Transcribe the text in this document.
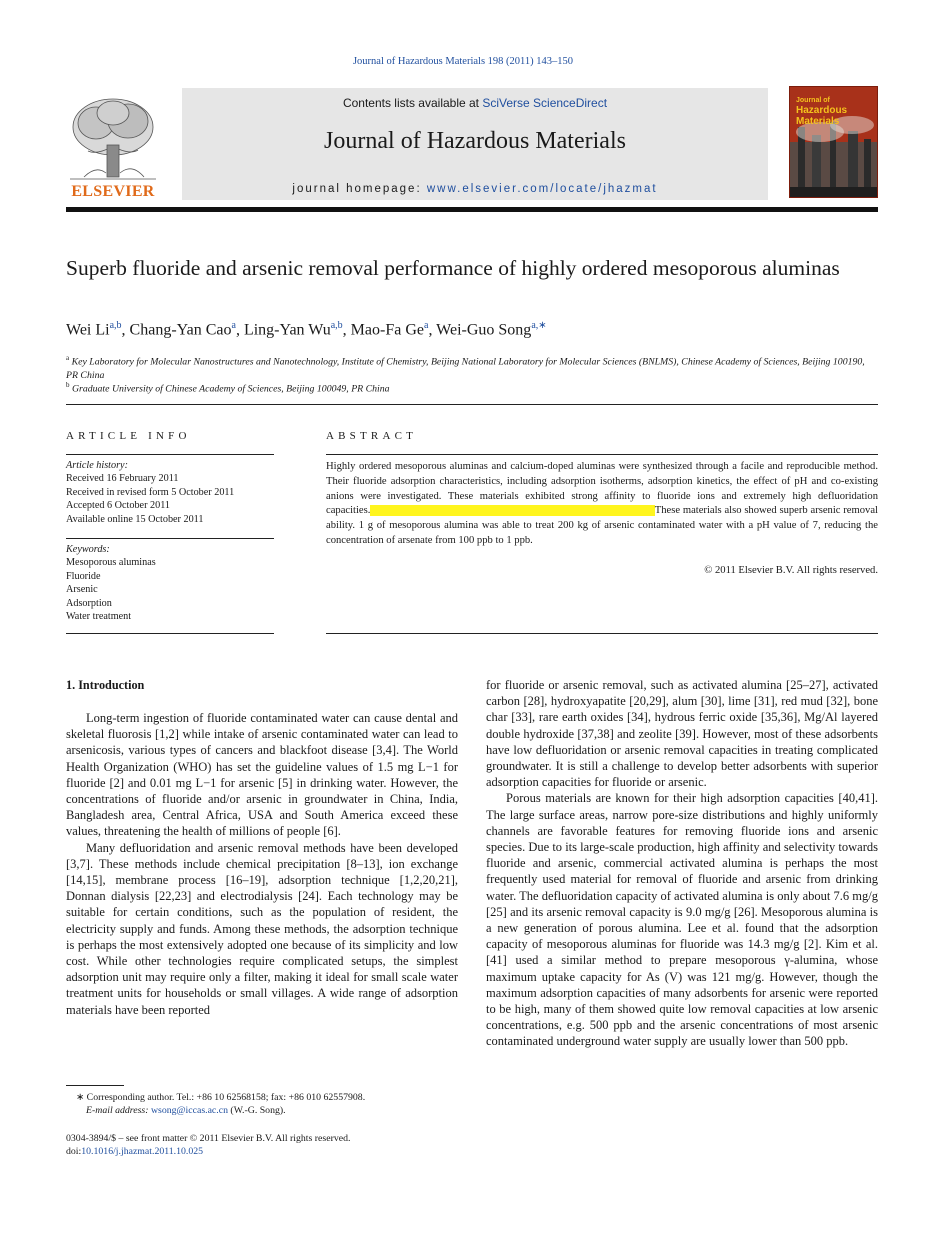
Journal of Hazardous Materials 198 (2011) 143–150
ELSEVIER
Contents lists available at SciVerse ScienceDirect
Journal of Hazardous Materials
journal homepage: www.elsevier.com/locate/jhazmat
Journal of
Hazardous
Materials
Superb fluoride and arsenic removal performance of highly ordered mesoporous aluminas
Wei Li$^{a,b}$, Chang-Yan Cao$^a$, Ling-Yan Wu$^{a,b}$, Mao-Fa Ge$^a$, Wei-Guo Song$^{a,∗}$
$^a$ Key Laboratory for Molecular Nanostructures and Nanotechnology, Institute of Chemistry, Beijing National Laboratory for Molecular Sciences (BNLMS), Chinese Academy of Sciences, Beijing 100190, PR China
$^b$ Graduate University of Chinese Academy of Sciences, Beijing 100049, PR China
ARTICLE INFO
Article history:
Received 16 February 2011
Received in revised form 5 October 2011
Accepted 6 October 2011
Available online 15 October 2011
Keywords:
Mesoporous aluminas
Fluoride
Arsenic
Adsorption
Water treatment
ABSTRACT
Highly ordered mesoporous aluminas and calcium-doped aluminas were synthesized through a facile and reproducible method. Their fluoride adsorption characteristics, including adsorption isotherms, adsorption kinetics, the effect of pH and co-existing anions were investigated. These materials exhibited strong affinity to fluoride ions and extremely high defluoridation capacities.	These materials also showed superb arsenic removal ability. 1 g of mesoporous alumina was able to treat 200 kg of arsenic contaminated water with a pH value of 7, reducing the concentration of arsenate from 100 ppb to 1 ppb.
© 2011 Elsevier B.V. All rights reserved.
1. Introduction

Long-term ingestion of fluoride contaminated water can cause dental and skeletal fluorosis [1,2] while intake of arsenic contaminated water can lead to arsenicosis, various types of cancers and blackfoot disease [3,4]. The World Health Organization (WHO) has set the guideline values of 1.5 mg L−1 for fluoride [2] and 0.01 mg L−1 for arsenic [5] in drinking water. However, the concentrations of fluoride and/or arsenic in groundwater in China, India, Bangladesh area, Central Africa, USA and South America exceed these values, threatening the health of millions of people [6].

Many defluoridation and arsenic removal methods have been developed [3,7]. These methods include chemical precipitation [8–13], ion exchange [14,15], membrane process [16–19], adsorption technique [1,2,20,21], Donnan dialysis [22,23] and electrodialysis [24]. Each technology may be suitable for certain conditions, such as the population of resident, the electricity supply and funds. Among these methods, the adsorption technique is perhaps the most extensively adopted one because of its simplicity and low cost. While other technologies require complicated setups, the simplest adsorption unit may require only a filter, making it ideal for small scale water treatment units for households or small villages. A wide range of adsorption materials have been reported

for fluoride or arsenic removal, such as activated alumina [25–27], activated carbon [28], hydroxyapatite [20,29], alum [30], lime [31], red mud [32], bone char [33], rare earth oxides [34], hydrous ferric oxide [35,36], Mg/Al layered double hydroxide [37,38] and zeolite [39]. However, most of these adsorbents have low defluoridation or arsenic removal capacities in treating complicated groundwater. It is still a challenge to develop better adsorbents with superior adsorption capacities for fluoride or arsenic.

Porous materials are known for their high adsorption capacities [40,41]. The large surface areas, narrow pore-size distributions and highly uniformly channels are favorable features for removing fluoride ions and arsenic species. Due to its large-scale production, high affinity and selectivity towards fluoride and arsenic, commercial activated alumina is perhaps the most frequently used material for removal of fluoride and arsenic from drinking water. The defluoridation capacity of activated alumina is only about 7.6 mg/g [25] and its arsenic removal capacity is 9.0 mg/g [26]. Mesoporous alumina is a new generation of porous alumina. Lee et al. found that the adsorption capacity of mesoporous aluminas for fluoride was 14.3 mg/g [2]. Kim et al. [41] used a similar method to prepare mesoporous γ-alumina, whose maximum uptake capacity for As (V) was 121 mg/g. However, though the maximum adsorption capacities of many adsorbents for arsenic were reported to be high, many of them showed quite low removal capacities at low arsenic concentrations, e.g. 500 ppb and the arsenic concentrations of most arsenic contaminated underground water supply are usually lower than 500 ppb.

∗ Corresponding author. Tel.: +86 10 62568158; fax: +86 010 62557908.
E-mail address: wsong@iccas.ac.cn (W.-G. Song).
0304-3894/$ – see front matter © 2011 Elsevier B.V. All rights reserved.
doi:10.1016/j.jhazmat.2011.10.025
